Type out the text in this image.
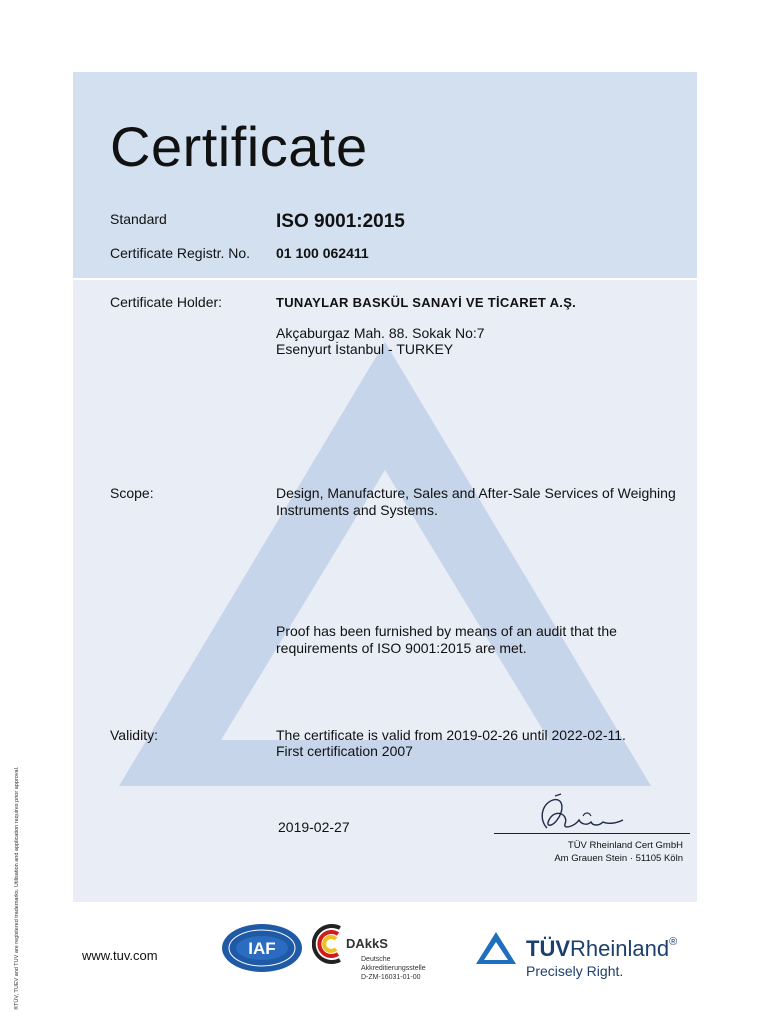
Certificate
Standard	ISO 9001:2015
Certificate Registr. No. 01 100 062411
Certificate Holder:	TUNAYLAR BASKÜL SANAYİ VE TİCARET A.Ş.
Akçaburgaz Mah. 88. Sokak No:7
Esenyurt İstanbul - TURKEY
Scope:	Design, Manufacture, Sales and After-Sale Services of Weighing Instruments and Systems.
Proof has been furnished by means of an audit that the requirements of ISO 9001:2015 are met.
Validity:	The certificate is valid from 2019-02-26 until 2022-02-11.
First certification 2007
2019-02-27
TÜV Rheinland Cert GmbH
Am Grauen Stein · 51105 Köln
®TÜV, TUEV and TUV are registered trademarks. Utilisation and application requires prior approval.	www.tuv.com	IAF	DAkkS
Deutsche
Akkreditierungsstelle
D-ZM-16031-01-00
TÜVRheinland®
Precisely Right.
